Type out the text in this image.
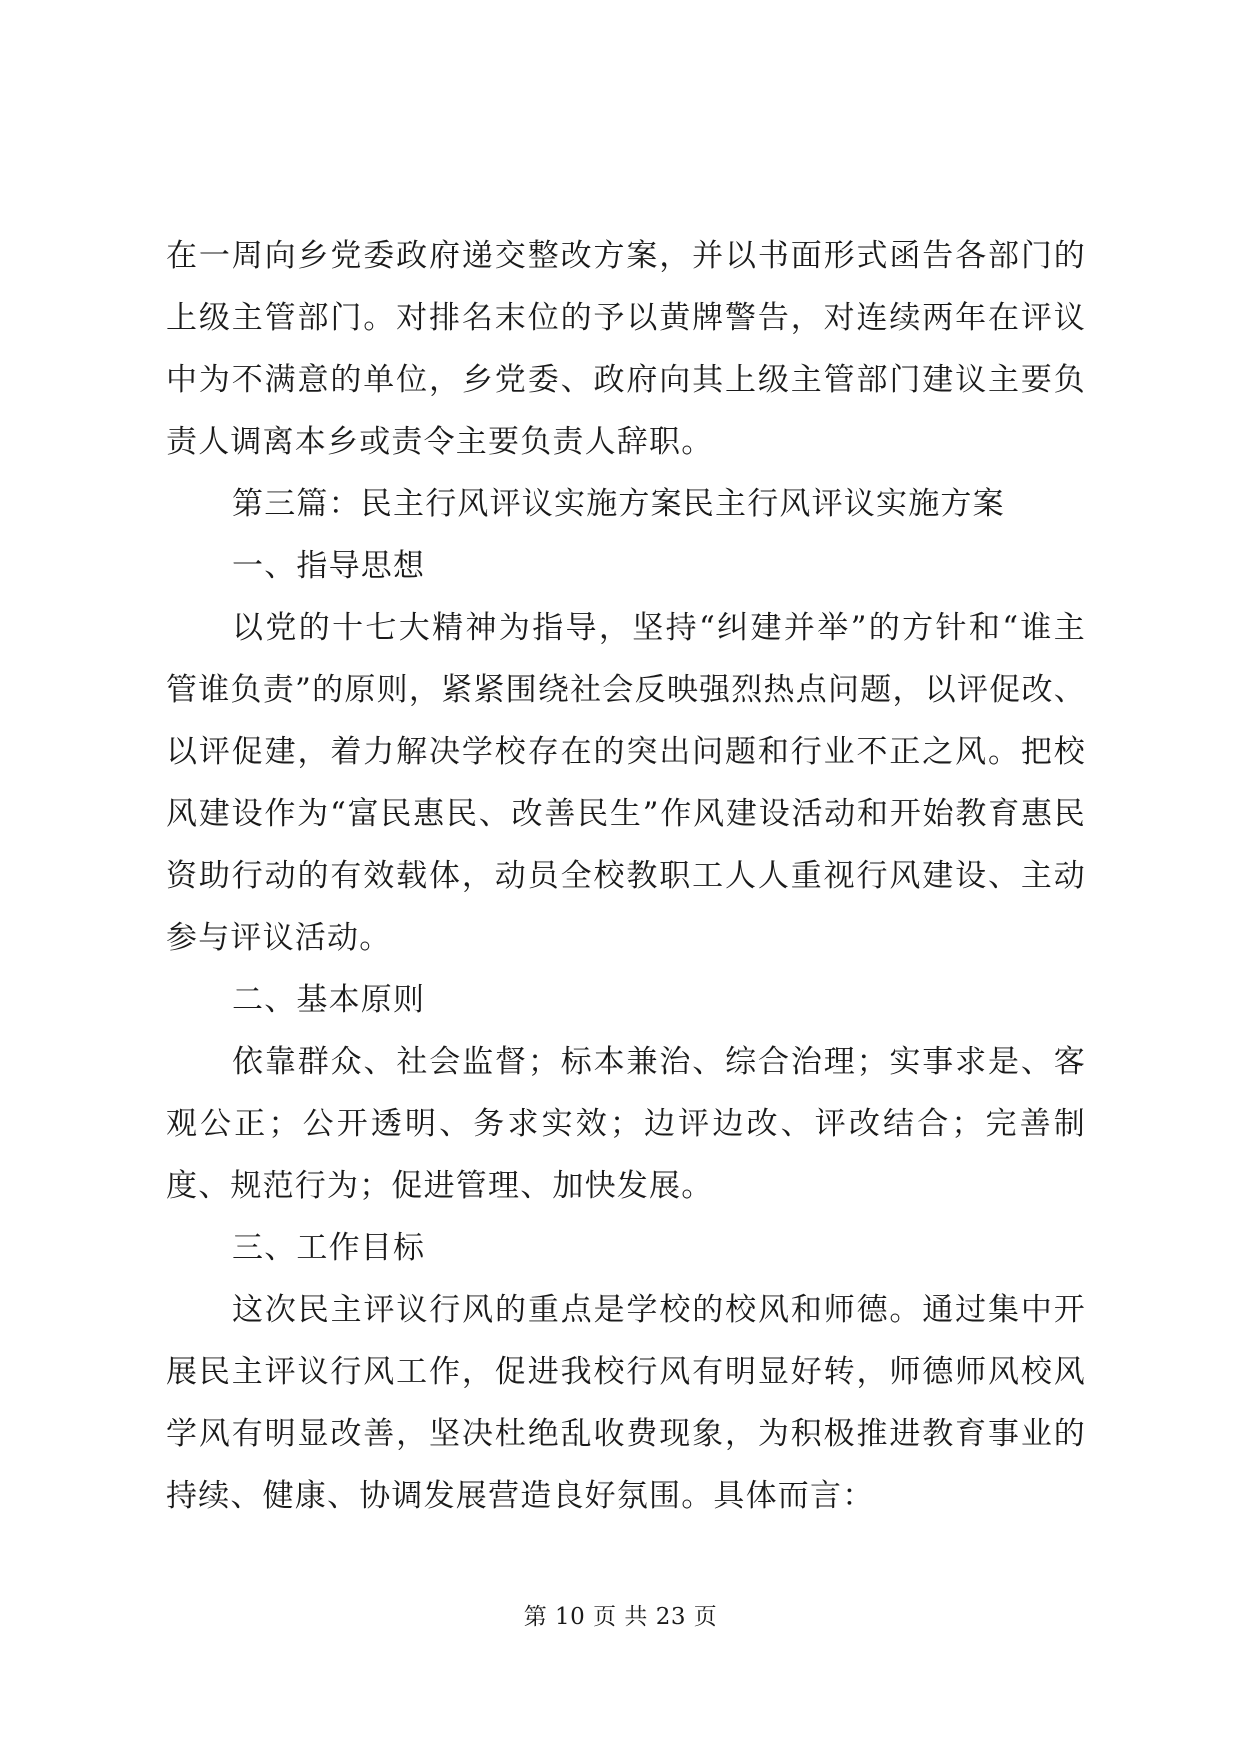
在一周向乡党委政府递交整改方案，并以书面形式函告各部门的上级主管部门。对排名末位的予以黄牌警告，对连续两年在评议中为不满意的单位，乡党委、政府向其上级主管部门建议主要负责人调离本乡或责令主要负责人辞职。

第三篇：民主行风评议实施方案民主行风评议实施方案

一、指导思想

以党的十七大精神为指导，坚持“纠建并举”的方针和“谁主管谁负责”的原则，紧紧围绕社会反映强烈热点问题，以评促改、以评促建，着力解决学校存在的突出问题和行业不正之风。把校风建设作为“富民惠民、改善民生”作风建设活动和开始教育惠民资助行动的有效载体，动员全校教职工人人重视行风建设、主动参与评议活动。

二、基本原则

依靠群众、社会监督；标本兼治、综合治理；实事求是、客观公正；公开透明、务求实效；边评边改、评改结合；完善制度、规范行为；促进管理、加快发展。

三、工作目标

这次民主评议行风的重点是学校的校风和师德。通过集中开展民主评议行风工作，促进我校行风有明显好转，师德师风校风学风有明显改善，坚决杜绝乱收费现象，为积极推进教育事业的持续、健康、协调发展营造良好氛围。具体而言：

第 10 页 共 23 页
